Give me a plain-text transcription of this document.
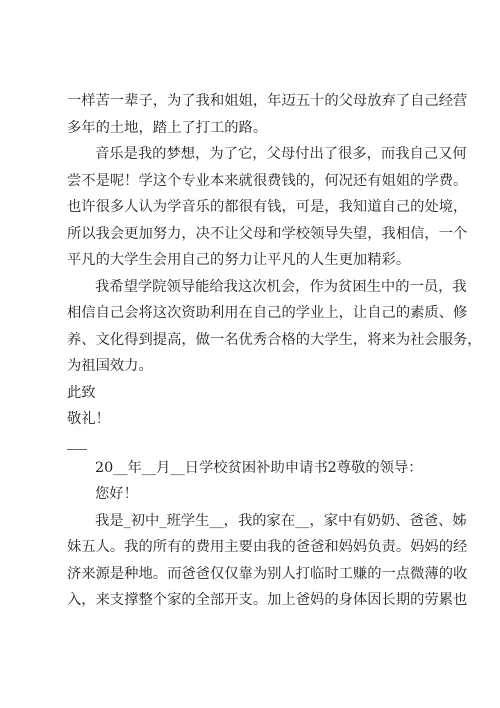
一样苦一辈子，为了我和姐姐，年迈五十的父母放弃了自己经营
多年的土地，踏上了打工的路。
音乐是我的梦想，为了它，父母付出了很多，而我自己又何
尝不是呢！学这个专业本来就很费钱的，何况还有姐姐的学费。
也许很多人认为学音乐的都很有钱，可是，我知道自己的处境，
所以我会更加努力，决不让父母和学校领导失望，我相信，一个
平凡的大学生会用自己的努力让平凡的人生更加精彩。
我希望学院领导能给我这次机会，作为贫困生中的一员，我
相信自己会将这次资助利用在自己的学业上，让自己的素质、修
养、文化得到提高，做一名优秀合格的大学生，将来为社会服务，
为祖国效力。
此致
敬礼！
20__年__月__日学校贫困补助申请书2尊敬的领导：
您好！
我是_初中_班学生__，我的家在__，家中有奶奶、爸爸、姊
妹五人。我的所有的费用主要由我的爸爸和妈妈负责。妈妈的经
济来源是种地。而爸爸仅仅靠为别人打临时工赚的一点微薄的收
入，来支撑整个家的全部开支。加上爸妈的身体因长期的劳累也
